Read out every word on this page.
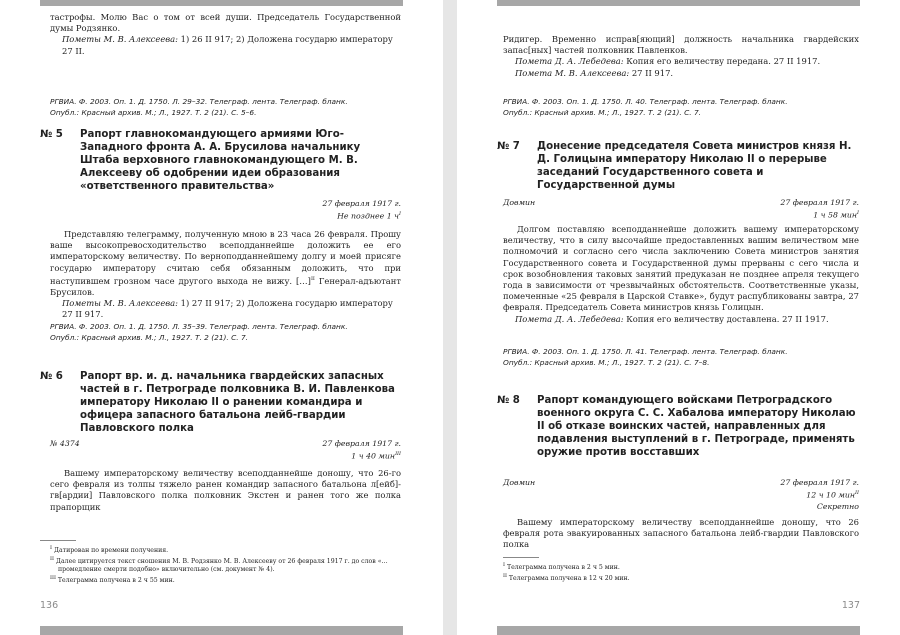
тастрофы. Молю Вас о том от всей души. Председатель Государственной думы Родзянко.

Пометы М. В. Алексеева: 1) 26 II 917; 2) Доложена государю императору 27 II.
РГВИА. Ф. 2003. Оп. 1. Д. 1750. Л. 29–32. Телеграф. лента. Телеграф. бланк.
Опубл.: Красный архив. М.; Л., 1927. Т. 2 (21). С. 5–6.
№ 5	Рапорт главнокомандующего армиями Юго-Западного фронта А. А. Брусилова начальнику Штаба верховного главнокомандующего М. В. Алексееву об одобрении идеи образования «ответственного правительства»
27 февраля 1917 г.
Не позднее 1 $ч^I$

Представляю телеграмму, полученную мною в 23 часа 26 февраля. Прошу ваше высокопревосходительство всеподданнейше доложить ее его императорскому величеству. По верноподданнейшему долгу и моей присяге государю императору считаю себя обязанным доложить, что при наступившем грозном часе другого выхода не вижу. […]$^{II}$ Генерал-адъютант Брусилов.

Пометы М. В. Алексеева: 1) 27 II 917; 2) Доложена государю императору 27 II 917.
РГВИА. Ф. 2003. Оп. 1. Д. 1750. Л. 35–39. Телеграф. лента. Телеграф. бланк.
Опубл.: Красный архив. М.; Л., 1927. Т. 2 (21). С. 7.
№ 6	Рапорт вр. и. д. начальника гвардейских запасных частей в г. Петрограде полковника В. И. Павленкова императору Николаю II о ранении командира и офицера запасного батальона лейб-гвардии Павловского полка
№ 4374	27 февраля 1917 г.
1 ч 40 мин$^{III}$

Вашему императорскому величеству всеподданнейше доношу, что 26-го сего февраля из толпы тяжело ранен командир запасного батальона л[ейб]-гв[ардии] Павловского полка полковник Экстен и ранен того же полка прапорщик

$^I$ Датирован по времени получения.
$^{II}$ Далее цитируется текст сношения М. В. Родзянко М. В. Алексееву от 26 февраля 1917 г. до слов «…промедление смерти подобно» включительно (см. документ № 4).
$^{III}$ Телеграмма получена в 2 ч 55 мин.
136

Ридигер. Временно исправ[яющий] должность начальника гвардейских запас[ных] частей полковник Павленков.

Помета Д. А. Лебедева: Копия его величеству передана. 27 II 1917.
Помета М. В. Алексеева: 27 II 917.
РГВИА. Ф. 2003. Оп. 1. Д. 1750. Л. 40. Телеграф. лента. Телеграф. бланк.
Опубл.: Красный архив. М.; Л., 1927. Т. 2 (21). С. 7.
№ 7	Донесение председателя Совета министров князя Н. Д. Голицына императору Николаю II о перерыве заседаний Государственного совета и Государственной думы
Довмин	27 февраля 1917 г.
1 ч 58 мин$^I$

Долгом поставляю всеподданнейше доложить вашему императорскому величеству, что в силу высочайше предоставленных вашим величеством мне полномочий и согласно сего числа заключению Совета министров занятия Государственного совета и Государственной думы прерваны с сего числа и срок возобновления таковых занятий предуказан не позднее апреля текущего года в зависимости от чрезвычайных обстоятельств. Соответственные указы, помеченные «25 февраля в Царской Ставке», будут распубликованы завтра, 27 февраля. Председатель Совета министров князь Голицын.

Помета Д. А. Лебедева: Копия его величеству доставлена. 27 II 1917.
РГВИА. Ф. 2003. Оп. 1. Д. 1750. Л. 41. Телеграф. лента. Телеграф. бланк.
Опубл.: Красный архив. М.; Л., 1927. Т. 2 (21). С. 7–8.
№ 8	Рапорт командующего войсками Петроградского военного округа С. С. Хабалова императору Николаю II об отказе воинских частей, направленных для подавления выступлений в г. Петрограде, применять оружие против восставших
Довмин	27 февраля 1917 г.
12 ч 10 мин$^{II}$
Секретно

Вашему императорскому величеству всеподданнейше доношу, что 26 февраля рота эвакуированных запасного батальона лейб-гвардии Павловского полка

$^I$ Телеграмма получена в 2 ч 5 мин.
$^{II}$ Телеграмма получена в 12 ч 20 мин.
137
